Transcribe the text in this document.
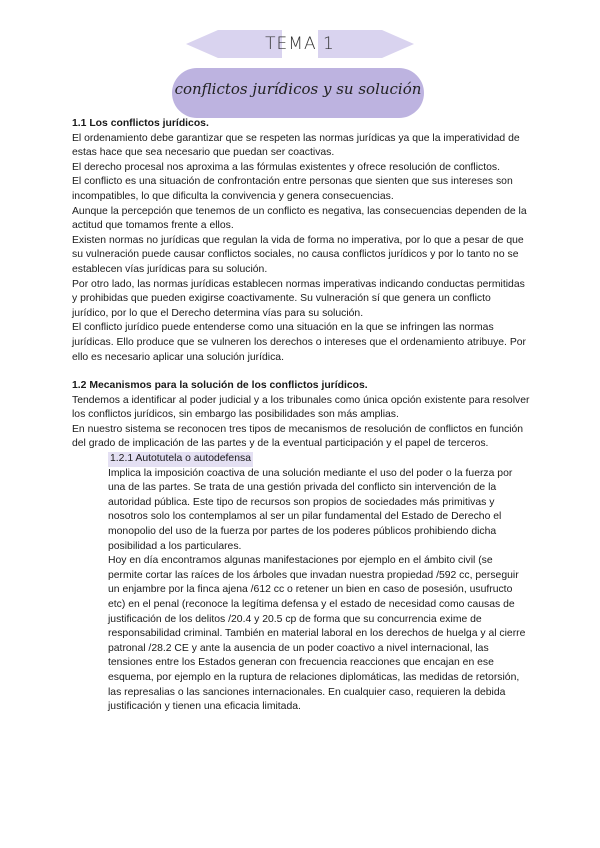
TEMA 1
conflictos jurídicos y su solución

1.1 Los conflictos jurídicos.

El ordenamiento debe garantizar que se respeten las normas jurídicas ya que la imperatividad de estas hace que sea necesario que puedan ser coactivas.

El derecho procesal nos aproxima a las fórmulas existentes y ofrece resolución de conflictos.

El conflicto es una situación de confrontación entre personas que sienten que sus intereses son incompatibles, lo que dificulta la convivencia y genera consecuencias.

Aunque la percepción que tenemos de un conflicto es negativa, las consecuencias dependen de la actitud que tomamos frente a ellos.

Existen normas no jurídicas que regulan la vida de forma no imperativa, por lo que a pesar de que su vulneración puede causar conflictos sociales, no causa conflictos jurídicos y por lo tanto no se establecen vías jurídicas para su solución.

Por otro lado, las normas jurídicas establecen normas imperativas indicando conductas permitidas y prohibidas que pueden exigirse coactivamente. Su vulneración sí que genera un conflicto jurídico, por lo que el Derecho determina vías para su solución.

El conflicto jurídico puede entenderse como una situación en la que se infringen las normas jurídicas. Ello produce que se vulneren los derechos o intereses que el ordenamiento atribuye. Por ello es necesario aplicar una solución jurídica.

1.2 Mecanismos para la solución de los conflictos jurídicos.

Tendemos a identificar al poder judicial y a los tribunales como única opción existente para resolver los conflictos jurídicos, sin embargo las posibilidades son más amplias.

En nuestro sistema se reconocen tres tipos de mecanismos de resolución de conflictos en función del grado de implicación de las partes y de la eventual participación y el papel de terceros.

1.2.1 Autotutela o autodefensa

Implica la imposición coactiva de una solución mediante el uso del poder o la fuerza por una de las partes. Se trata de una gestión privada del conflicto sin intervención de la autoridad pública. Este tipo de recursos son propios de sociedades más primitivas y nosotros solo los contemplamos al ser un pilar fundamental del Estado de Derecho el monopolio del uso de la fuerza por partes de los poderes públicos prohibiendo dicha posibilidad a los particulares.

Hoy en día encontramos algunas manifestaciones por ejemplo en el ámbito civil (se permite cortar las raíces de los árboles que invadan nuestra propiedad /592 cc, perseguir un enjambre por la finca ajena /612 cc o retener un bien en caso de posesión, usufructo etc) en el penal (reconoce la legítima defensa y el estado de necesidad como causas de justificación de los delitos /20.4 y 20.5 cp de forma que su concurrencia exime de responsabilidad criminal. También en material laboral en los derechos de huelga y al cierre patronal /28.2 CE y ante la ausencia de un poder coactivo a nivel internacional, las tensiones entre los Estados generan con frecuencia reacciones que encajan en ese esquema, por ejemplo en la ruptura de relaciones diplomáticas, las medidas de retorsión, las represalias o las sanciones internacionales. En cualquier caso, requieren la debida justificación y tienen una eficacia limitada.
